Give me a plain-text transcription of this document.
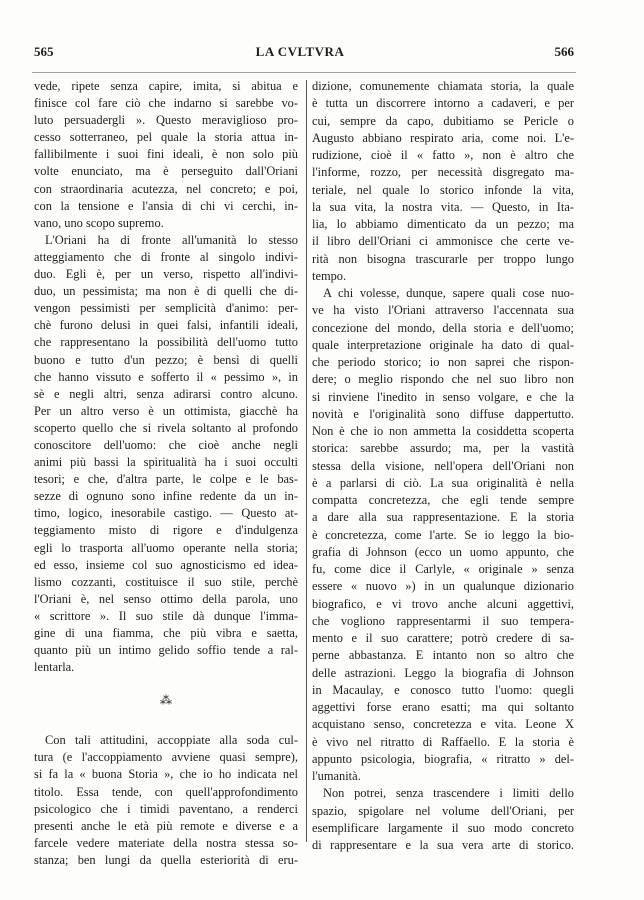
565	LA CVLTVRA	566
vede, ripete senza capire, imita, si abitua e
finisce col fare ciò che indarno si sarebbe vo-
luto persuadergli ». Questo meraviglioso pro-
cesso sotterraneo, pel quale la storia attua in-
fallibilmente i suoi fini ideali, è non solo più
volte enunciato, ma è perseguito dall'Oriani
con straordinaria acutezza, nel concreto; e poi,
con la tensione e l'ansia di chi vi cerchi, in-
vano, uno scopo supremo.
L'Oriani ha di fronte all'umanità lo stesso
atteggiamento che di fronte al singolo indivi-
duo. Egli è, per un verso, rispetto all'indivi-
duo, un pessimista; ma non è di quelli che di-
vengon pessimisti per semplicità d'animo: per-
chè furono delusi in quei falsi, infantili ideali,
che rappresentano la possibilità dell'uomo tutto
buono e tutto d'un pezzo; è bensì di quelli
che hanno vissuto e sofferto il « pessimo », in
sè e negli altri, senza adirarsi contro alcuno.
Per un altro verso è un ottimista, giacchè ha
scoperto quello che si rivela soltanto al profondo
conoscitore dell'uomo: che cioè anche negli
animi più bassi la spiritualità ha i suoi occulti
tesori; e che, d'altra parte, le colpe e le bas-
sezze di ognuno sono infine redente da un in-
timo, logico, inesorabile castigo. — Questo at-
teggiamento misto di rigore e d'indulgenza
egli lo trasporta all'uomo operante nella storia;
ed esso, insieme col suo agnosticismo ed idea-
lismo cozzanti, costituisce il suo stile, perchè
l'Oriani è, nel senso ottimo della parola, uno
« scrittore ». Il suo stile dà dunque l'imma-
gine di una fiamma, che più vibra e saetta,
quanto più un intimo gelido soffio tende a ral-
lentarla.
⁂
Con tali attitudini, accoppiate alla soda cul-
tura (e l'accoppiamento avviene quasi sempre),
si fa la « buona Storia », che io ho indicata nel
titolo. Essa tende, con quell'approfondimento
psicologico che i timidi paventano, a renderci
presenti anche le età più remote e diverse e a
farcele vedere materiate della nostra stessa so-
stanza; ben lungi da quella esteriorità di eru-
dizione, comunemente chiamata storia, la quale
è tutta un discorrere intorno a cadaveri, e per
cui, sempre da capo, dubitiamo se Pericle o
Augusto abbiano respirato aria, come noi. L'e-
rudizione, cioè il « fatto », non è altro che
l'informe, rozzo, per necessità disgregato ma-
teriale, nel quale lo storico infonde la vita,
la sua vita, la nostra vita. — Questo, in Ita-
lia, lo abbiamo dimenticato da un pezzo; ma
il libro dell'Oriani ci ammonisce che certe ve-
rità non bisogna trascurarle per troppo lungo
tempo.
A chi volesse, dunque, sapere quali cose nuo-
ve ha visto l'Oriani attraverso l'accennata sua
concezione del mondo, della storia e dell'uomo;
quale interpretazione originale ha dato di qual-
che periodo storico; io non saprei che rispon-
dere; o meglio rispondo che nel suo libro non
si rinviene l'inedito in senso volgare, e che la
novità e l'originalità sono diffuse dappertutto.
Non è che io non ammetta la cosiddetta scoperta
storica: sarebbe assurdo; ma, per la vastità
stessa della visione, nell'opera dell'Oriani non
è a parlarsi di ciò. La sua originalità è nella
compatta concretezza, che egli tende sempre
a dare alla sua rappresentazione. E la storia
è concretezza, come l'arte. Se io leggo la bio-
grafia di Johnson (ecco un uomo appunto, che
fu, come dice il Carlyle, « originale » senza
essere « nuovo ») in un qualunque dizionario
biografico, e vi trovo anche alcuni aggettivi,
che vogliono rappresentarmi il suo tempera-
mento e il suo carattere; potrò credere di sa-
perne abbastanza. E intanto non so altro che
delle astrazioni. Leggo la biografia di Johnson
in Macaulay, e conosco tutto l'uomo: quegli
aggettivi forse erano esatti; ma qui soltanto
acquistano senso, concretezza e vita. Leone X
è vivo nel ritratto di Raffaello. E la storia è
appunto psicologia, biografia, « ritratto » del-
l'umanità.
Non potrei, senza trascendere i limiti dello
spazio, spigolare nel volume dell'Oriani, per
esemplificare largamente il suo modo concreto
di rappresentare e la sua vera arte di storico.
